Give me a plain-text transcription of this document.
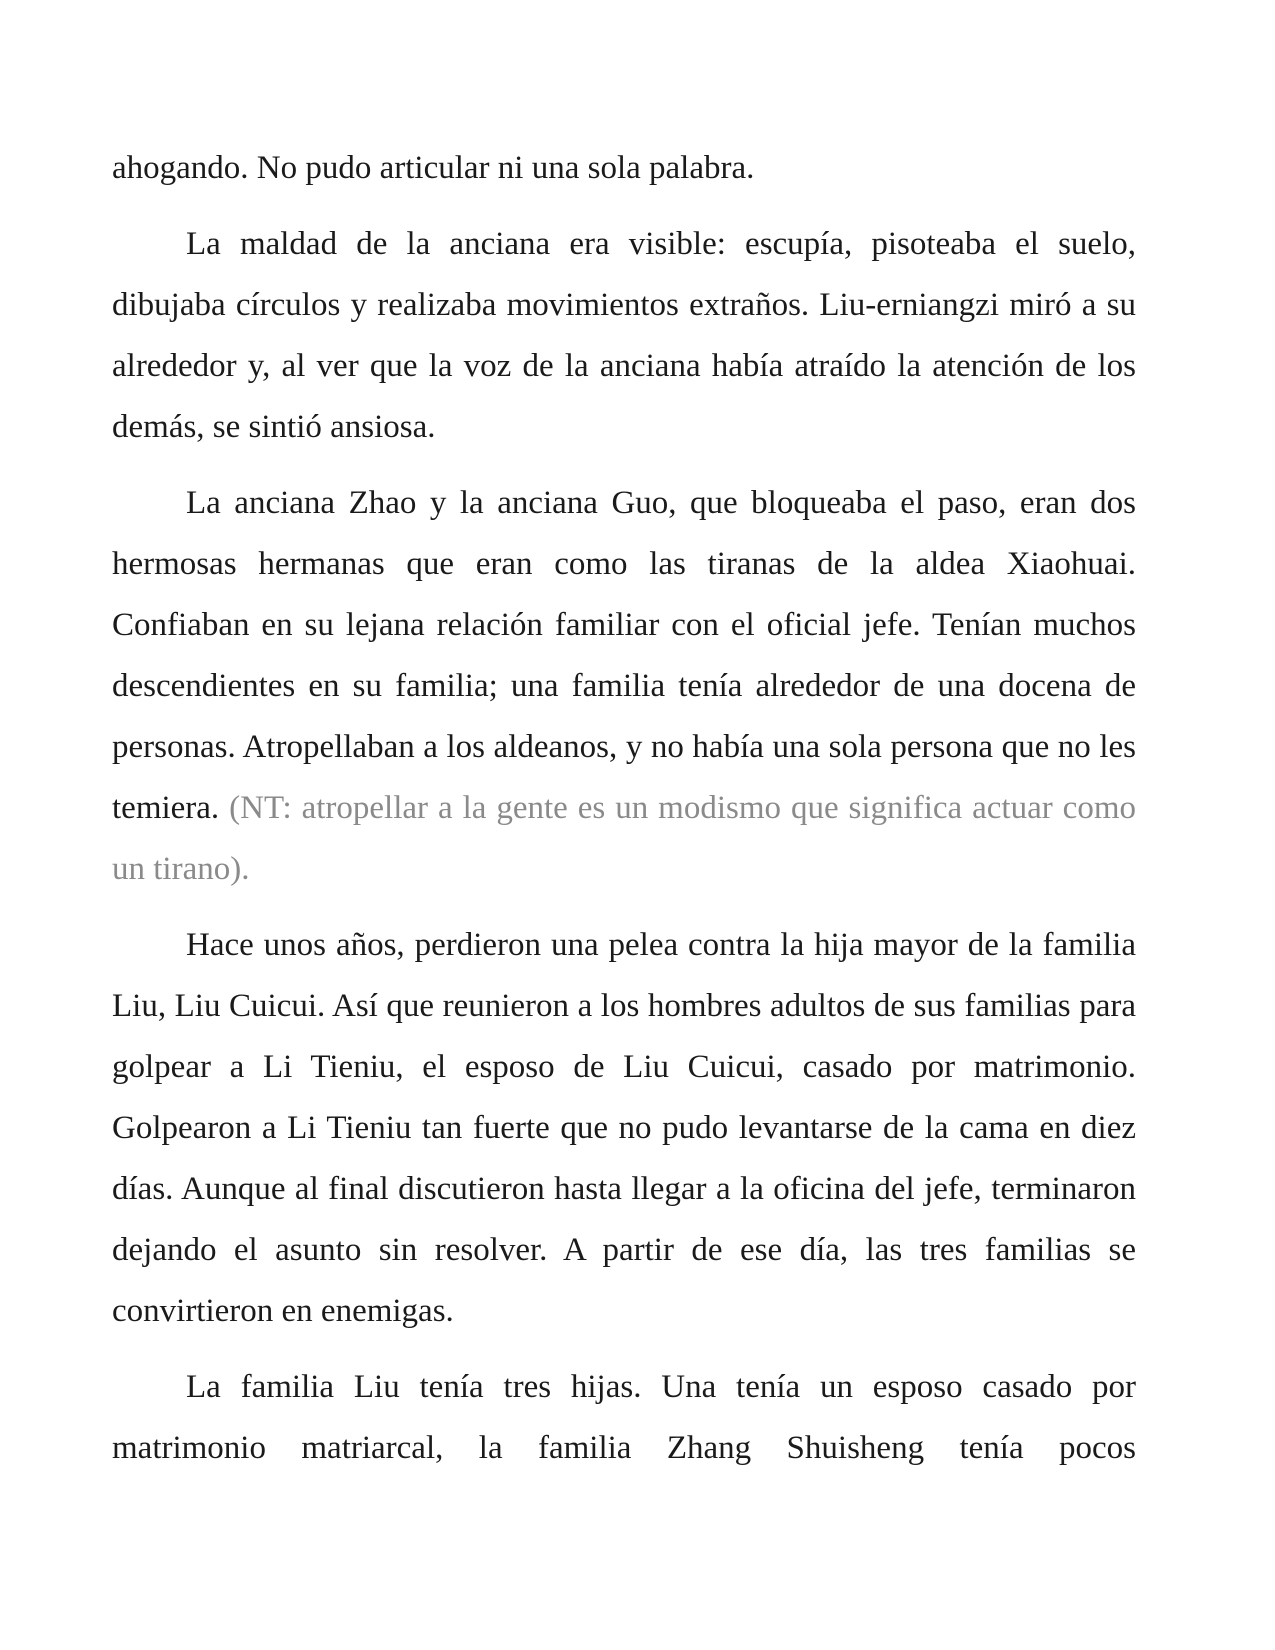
ahogando. No pudo articular ni una sola palabra.

La maldad de la anciana era visible: escupía, pisoteaba el suelo, dibujaba círculos y realizaba movimientos extraños. Liu-erniangzi miró a su alrededor y, al ver que la voz de la anciana había atraído la atención de los demás, se sintió ansiosa.

La anciana Zhao y la anciana Guo, que bloqueaba el paso, eran dos hermosas hermanas que eran como las tiranas de la aldea Xiaohuai. Confiaban en su lejana relación familiar con el oficial jefe. Tenían muchos descendientes en su familia; una familia tenía alrededor de una docena de personas. Atropellaban a los aldeanos, y no había una sola persona que no les temiera. (NT: atropellar a la gente es un modismo que significa actuar como un tirano).

Hace unos años, perdieron una pelea contra la hija mayor de la familia Liu, Liu Cuicui. Así que reunieron a los hombres adultos de sus familias para golpear a Li Tieniu, el esposo de Liu Cuicui, casado por matrimonio. Golpearon a Li Tieniu tan fuerte que no pudo levantarse de la cama en diez días. Aunque al final discutieron hasta llegar a la oficina del jefe, terminaron dejando el asunto sin resolver. A partir de ese día, las tres familias se convirtieron en enemigas.

La familia Liu tenía tres hijas. Una tenía un esposo casado por matrimonio matriarcal, la familia Zhang Shuisheng tenía pocos
